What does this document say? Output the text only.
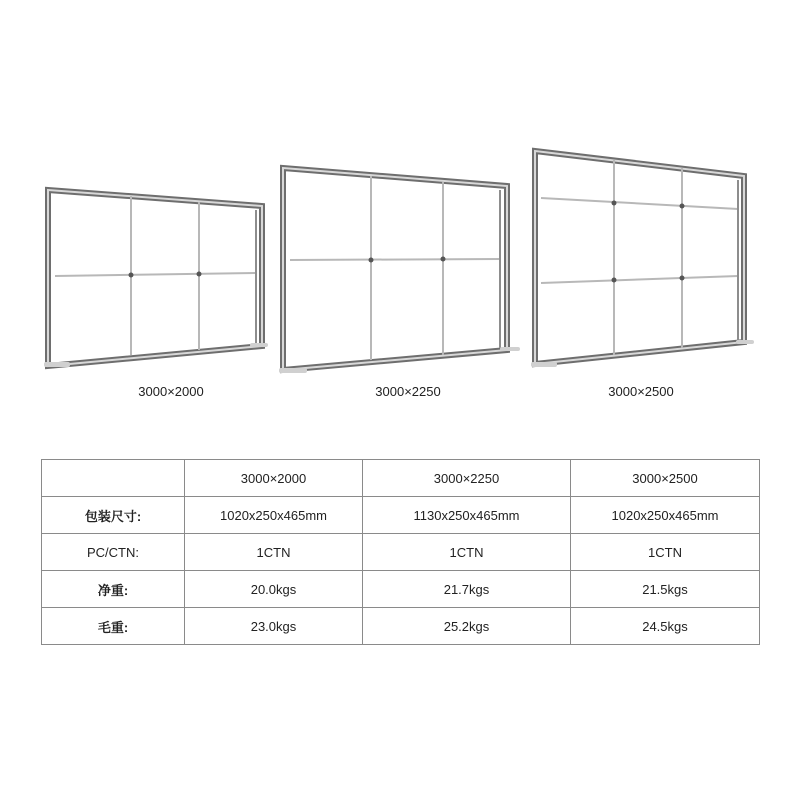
3000×2000	3000×2250	3000×2500
	3000×2000	3000×2250	3000×2500
包装尺寸:	1020x250x465mm	1130x250x465mm	1020x250x465mm
PC/CTN:	1CTN	1CTN	1CTN
净重:	20.0kgs	21.7kgs	21.5kgs
毛重:	23.0kgs	25.2kgs	24.5kgs
